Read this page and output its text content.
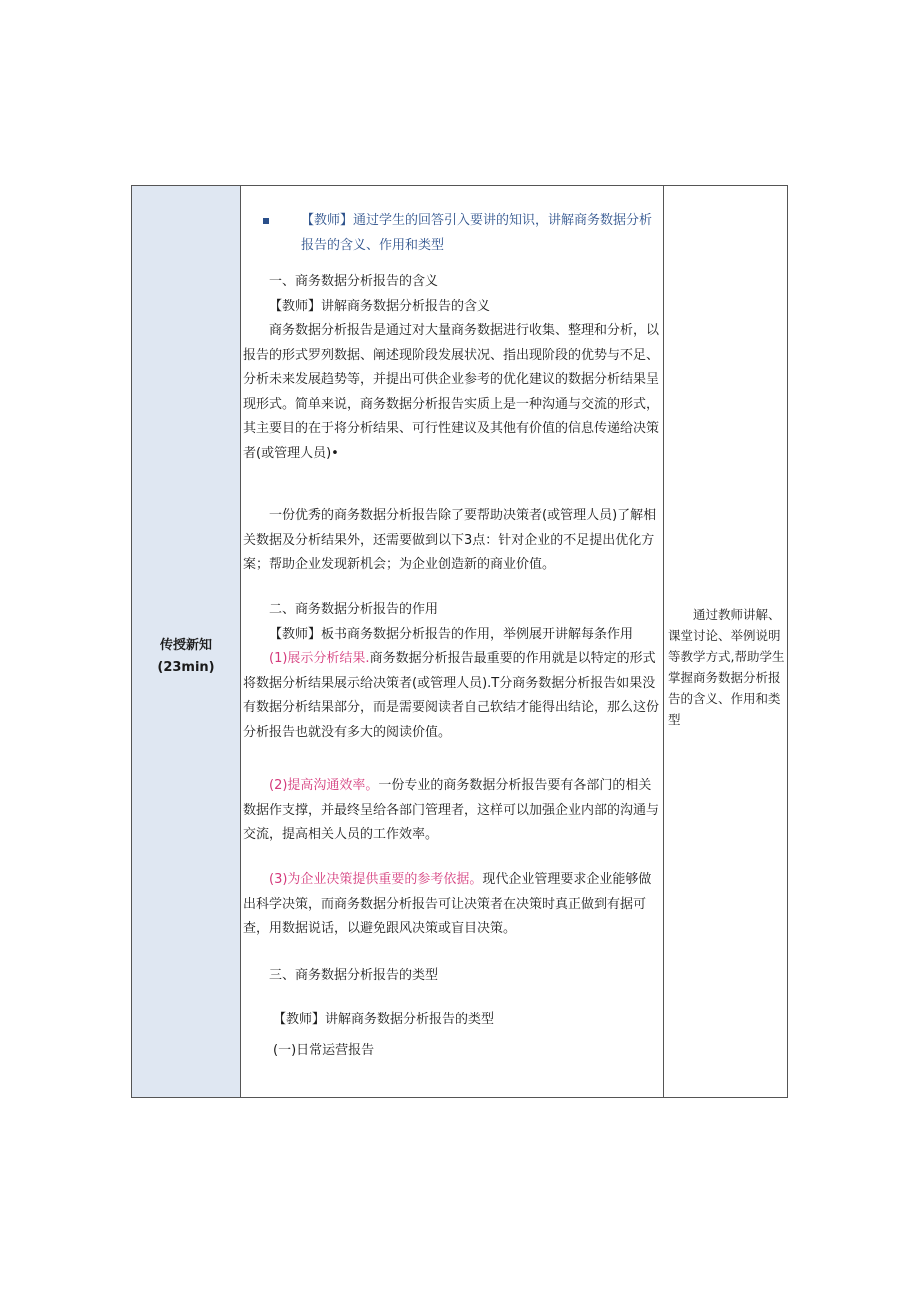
传授新知
(23min)

【教师】通过学生的回答引入要讲的知识，讲解商务数据分析报告的含义、作用和类型

一、商务数据分析报告的含义

【教师】讲解商务数据分析报告的含义

商务数据分析报告是通过对大量商务数据进行收集、整理和分析，以报告的形式罗列数据、阐述现阶段发展状况、指出现阶段的优势与不足、分析未来发展趋势等，并提出可供企业参考的优化建议的数据分析结果呈现形式。简单来说，商务数据分析报告实质上是一种沟通与交流的形式，其主要目的在于将分析结果、可行性建议及其他有价值的信息传递给决策者(或管理人员)•

一份优秀的商务数据分析报告除了要帮助决策者(或管理人员)了解相关数据及分析结果外，还需要做到以下3点：针对企业的不足提出优化方案；帮助企业发现新机会；为企业创造新的商业价值。

二、商务数据分析报告的作用

【教师】板书商务数据分析报告的作用，举例展开讲解每条作用

(1)展示分析结果.商务数据分析报告最重要的作用就是以特定的形式将数据分析结果展示给决策者(或管理人员).T分商务数据分析报告如果没有数据分析结果部分，而是需要阅读者自己软结才能得出结论，那么这份分析报告也就没有多大的阅读价值。

(2)提高沟通效率。一份专业的商务数据分析报告要有各部门的相关数据作支撑，并最终呈给各部门管理者，这样可以加强企业内部的沟通与交流，提高相关人员的工作效率。

(3)为企业决策提供重要的参考依据。现代企业管理要求企业能够做出科学决策，而商务数据分析报告可让决策者在决策时真正做到有据可查，用数据说话，以避免跟风决策或盲目决策。

三、商务数据分析报告的类型

【教师】讲解商务数据分析报告的类型

(一)日常运营报告

通过教师讲解、课堂讨论、举例说明等教学方式,帮助学生掌握商务数据分析报告的含义、作用和类型
